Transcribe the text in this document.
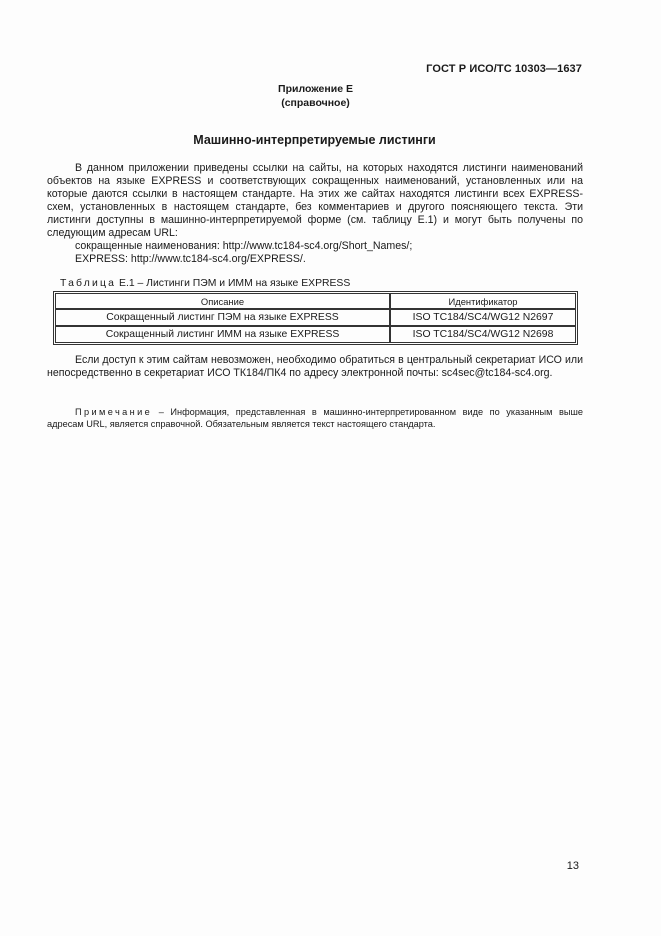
ГОСТ Р ИСО/ТС 10303—1637
Приложение Е
(справочное)
Машинно-интерпретируемые листинги
В данном приложении приведены ссылки на сайты, на которых находятся листинги наименований объектов на языке EXPRESS и соответствующих сокращенных наименований, установленных или на которые даются ссылки в настоящем стандарте. На этих же сайтах находятся листинги всех EXPRESS-схем, установленных в настоящем стандарте, без комментариев и другого поясняющего текста. Эти листинги доступны в машинно-интерпретируемой форме (см. таблицу Е.1) и могут быть получены по следующим адресам URL:
сокращенные наименования: http://www.tc184-sc4.org/Short_Names/;
EXPRESS: http://www.tc184-sc4.org/EXPRESS/.
Таблица Е.1 – Листинги ПЭМ и ИММ на языке EXPRESS
Описание	Идентификатор
Сокращенный листинг ПЭМ на языке EXPRESS	ISO TC184/SC4/WG12 N2697
Сокращенный листинг ИММ на языке EXPRESS	ISO TC184/SC4/WG12 N2698
Если доступ к этим сайтам невозможен, необходимо обратиться в центральный секретариат ИСО или непосредственно в секретариат ИСО ТК184/ПК4 по адресу электронной почты: sc4sec@tc184-sc4.org.
Примечание – Информация, представленная в машинно-интерпретированном виде по указанным выше адресам URL, является справочной. Обязательным является текст настоящего стандарта.
13
